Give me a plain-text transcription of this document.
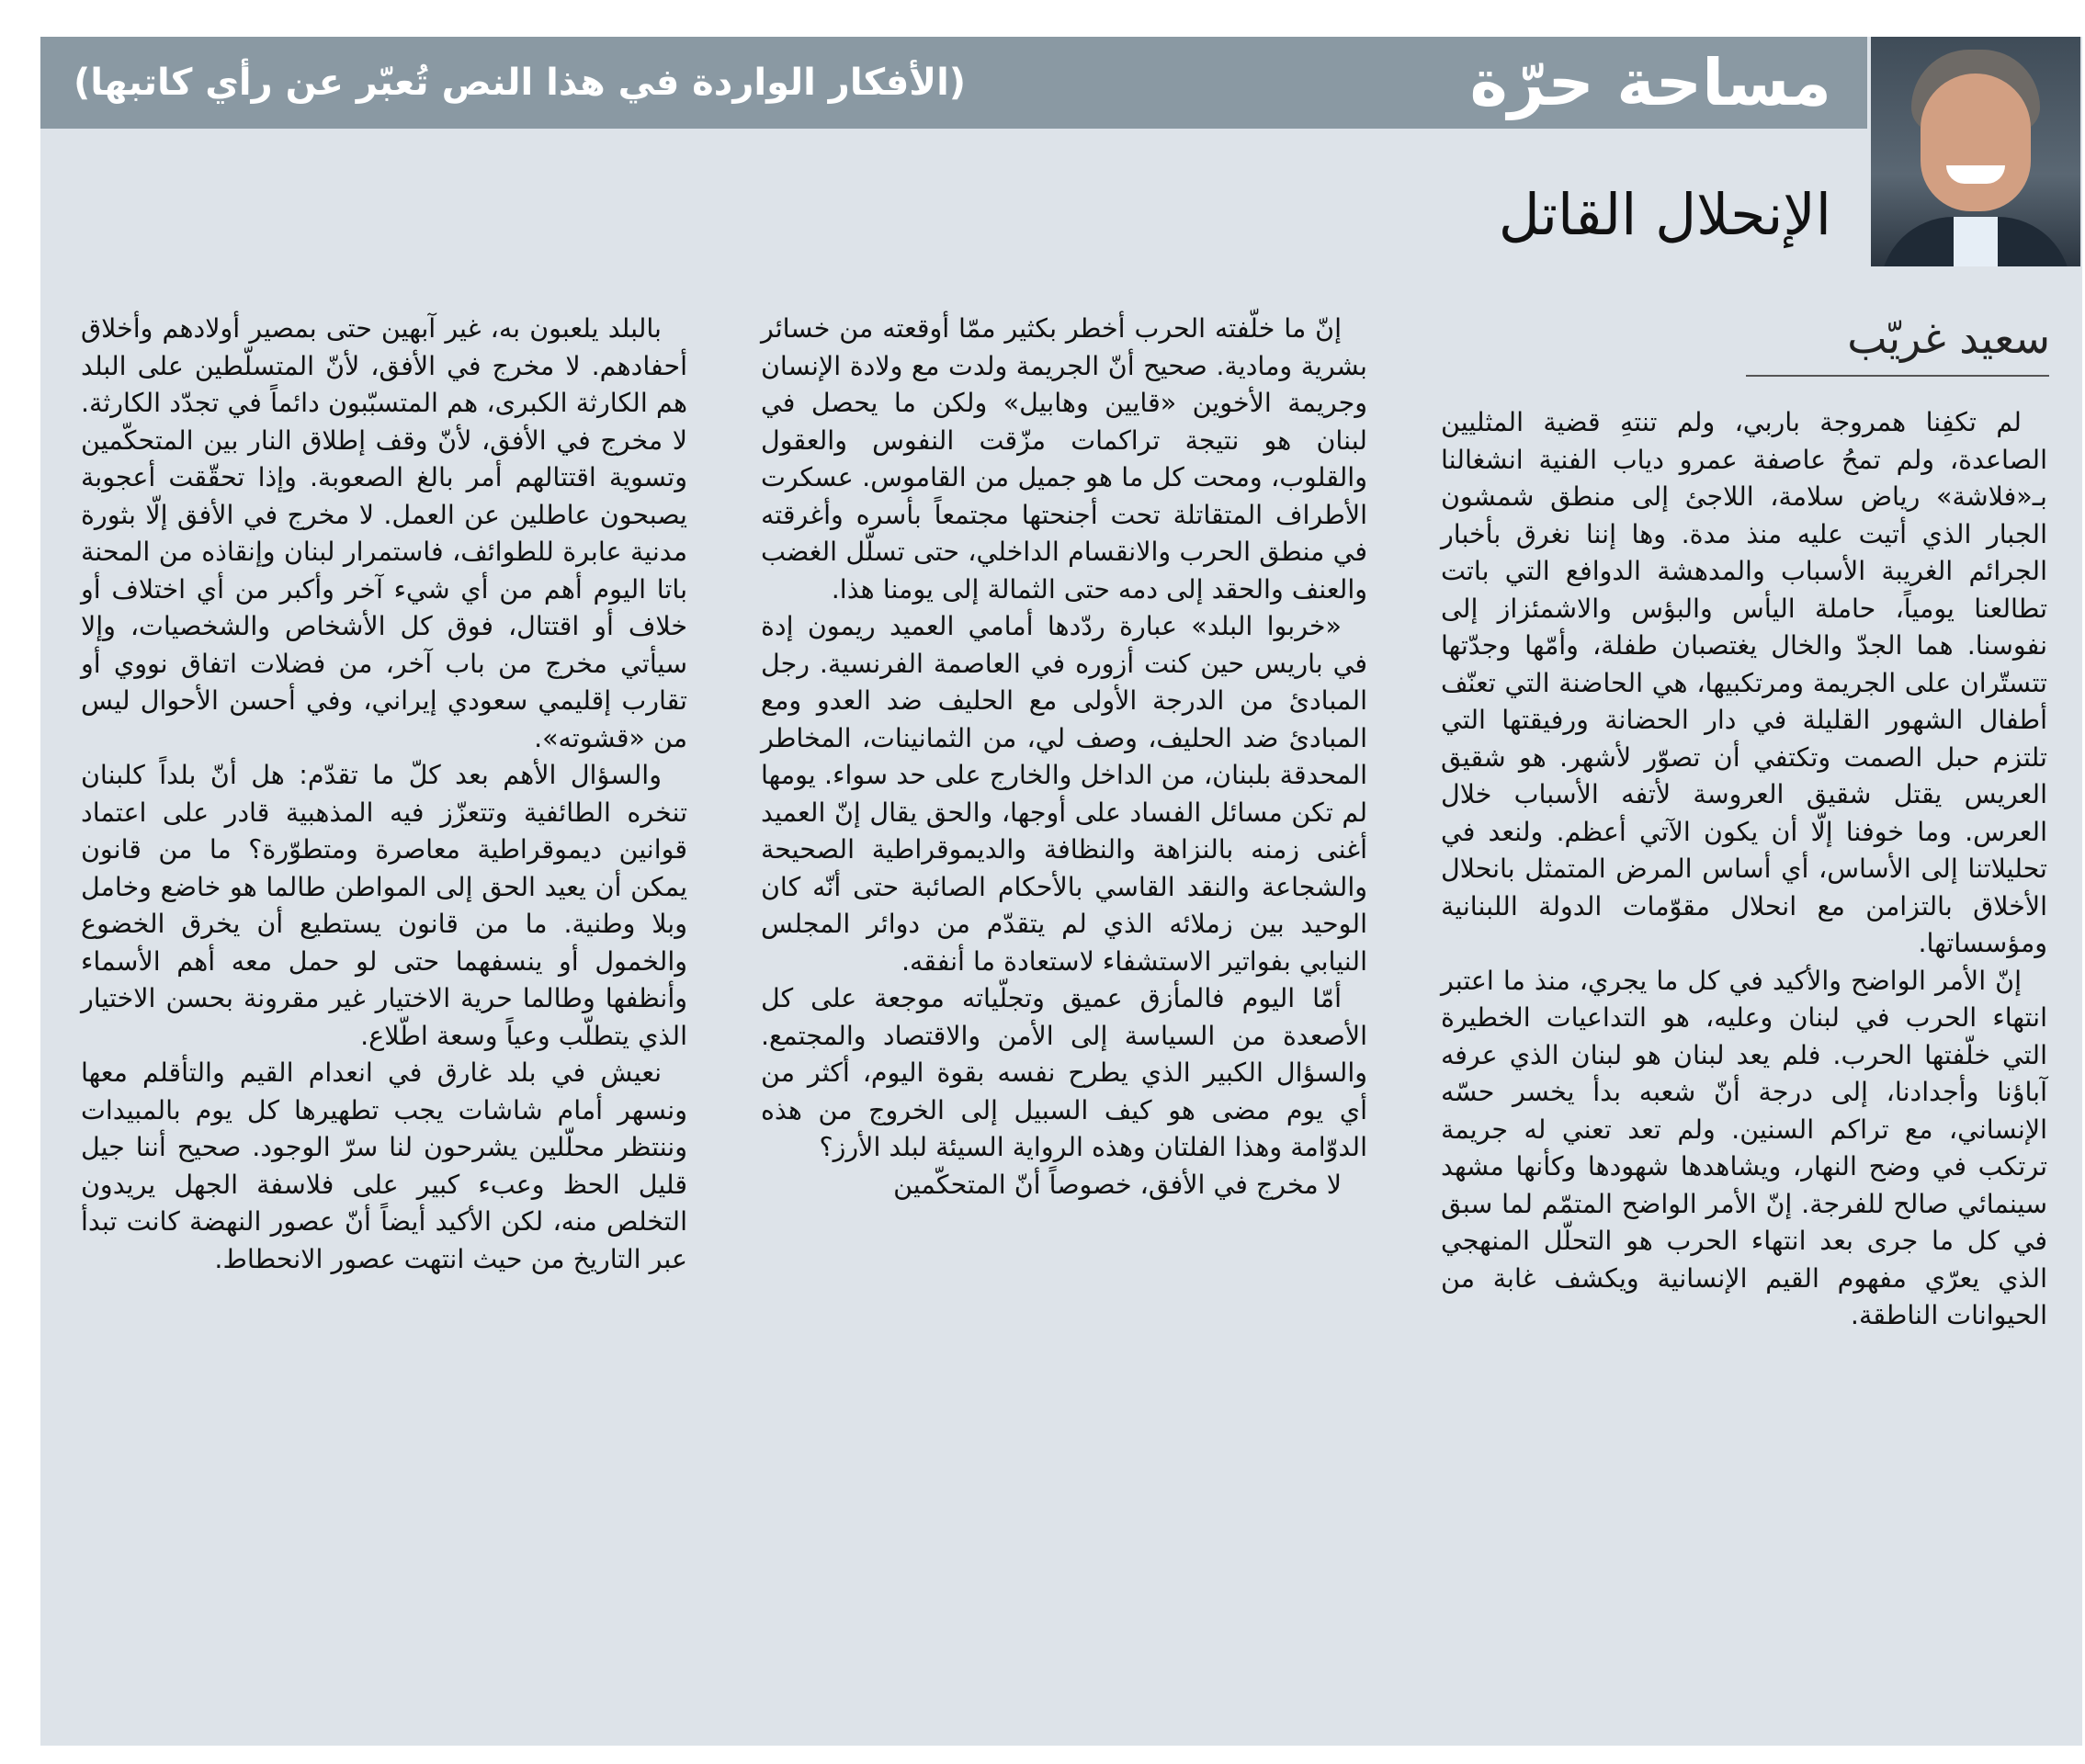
مساحة حرّة
(الأفكار الواردة في هذا النص تُعبّر عن رأي كاتبها)
الإنحلال القاتل
سعيد غريّب

لم تكفِنا همروجة باربي، ولم تنتهِ قضية المثليين الصاعدة، ولم تمحُ عاصفة عمرو دياب الفنية انشغالنا بـ«فلاشة» رياض سلامة، اللاجئ إلى منطق شمشون الجبار الذي أتيت عليه منذ مدة. وها إننا نغرق بأخبار الجرائم الغريبة الأسباب والمدهشة الدوافع التي باتت تطالعنا يومياً، حاملة اليأس والبؤس والاشمئزاز إلى نفوسنا. هما الجدّ والخال يغتصبان طفلة، وأمّها وجدّتها تتستّران على الجريمة ومرتكبيها، هي الحاضنة التي تعنّف أطفال الشهور القليلة في دار الحضانة ورفيقتها التي تلتزم حبل الصمت وتكتفي أن تصوّر لأشهر. هو شقيق العريس يقتل شقيق العروسة لأتفه الأسباب خلال العرس. وما خوفنا إلّا أن يكون الآتي أعظم. ولنعد في تحليلاتنا إلى الأساس، أي أساس المرض المتمثل بانحلال الأخلاق بالتزامن مع انحلال مقوّمات الدولة اللبنانية ومؤسساتها.

إنّ الأمر الواضح والأكيد في كل ما يجري، منذ ما اعتبر انتهاء الحرب في لبنان وعليه، هو التداعيات الخطيرة التي خلّفتها الحرب. فلم يعد لبنان هو لبنان الذي عرفه آباؤنا وأجدادنا، إلى درجة أنّ شعبه بدأ يخسر حسّه الإنساني، مع تراكم السنين. ولم تعد تعني له جريمة ترتكب في وضح النهار، ويشاهدها شهودها وكأنها مشهد سينمائي صالح للفرجة. إنّ الأمر الواضح المتمّم لما سبق في كل ما جرى بعد انتهاء الحرب هو التحلّل المنهجي الذي يعرّي مفهوم القيم الإنسانية ويكشف غابة من الحيوانات الناطقة.

إنّ ما خلّفته الحرب أخطر بكثير ممّا أوقعته من خسائر بشرية ومادية. صحيح أنّ الجريمة ولدت مع ولادة الإنسان وجريمة الأخوين «قايين وهابيل» ولكن ما يحصل في لبنان هو نتيجة تراكمات مزّقت النفوس والعقول والقلوب، ومحت كل ما هو جميل من القاموس. عسكرت الأطراف المتقاتلة تحت أجنحتها مجتمعاً بأسره وأغرقته في منطق الحرب والانقسام الداخلي، حتى تسلّل الغضب والعنف والحقد إلى دمه حتى الثمالة إلى يومنا هذا.

«خربوا البلد» عبارة ردّدها أمامي العميد ريمون إدة في باريس حين كنت أزوره في العاصمة الفرنسية. رجل المبادئ من الدرجة الأولى مع الحليف ضد العدو ومع المبادئ ضد الحليف، وصف لي، من الثمانينات، المخاطر المحدقة بلبنان، من الداخل والخارج على حد سواء. يومها لم تكن مسائل الفساد على أوجها، والحق يقال إنّ العميد أغنى زمنه بالنزاهة والنظافة والديموقراطية الصحيحة والشجاعة والنقد القاسي بالأحكام الصائبة حتى أنّه كان الوحيد بين زملائه الذي لم يتقدّم من دوائر المجلس النيابي بفواتير الاستشفاء لاستعادة ما أنفقه.

أمّا اليوم فالمأزق عميق وتجلّياته موجعة على كل الأصعدة من السياسة إلى الأمن والاقتصاد والمجتمع. والسؤال الكبير الذي يطرح نفسه بقوة اليوم، أكثر من أي يوم مضى هو كيف السبيل إلى الخروج من هذه الدوّامة وهذا الفلتان وهذه الرواية السيئة لبلد الأرز؟

لا مخرج في الأفق، خصوصاً أنّ المتحكّمين

بالبلد يلعبون به، غير آبهين حتى بمصير أولادهم وأخلاق أحفادهم. لا مخرج في الأفق، لأنّ المتسلّطين على البلد هم الكارثة الكبرى، هم المتسبّبون دائماً في تجدّد الكارثة. لا مخرج في الأفق، لأنّ وقف إطلاق النار بين المتحكّمين وتسوية اقتتالهم أمر بالغ الصعوبة. وإذا تحقّقت أعجوبة يصبحون عاطلين عن العمل. لا مخرج في الأفق إلّا بثورة مدنية عابرة للطوائف، فاستمرار لبنان وإنقاذه من المحنة باتا اليوم أهم من أي شيء آخر وأكبر من أي اختلاف أو خلاف أو اقتتال، فوق كل الأشخاص والشخصيات، وإلا سيأتي مخرج من باب آخر، من فضلات اتفاق نووي أو تقارب إقليمي سعودي إيراني، وفي أحسن الأحوال ليس من «قشوته».

والسؤال الأهم بعد كلّ ما تقدّم: هل أنّ بلداً كلبنان تنخره الطائفية وتتعزّز فيه المذهبية قادر على اعتماد قوانين ديموقراطية معاصرة ومتطوّرة؟ ما من قانون يمكن أن يعيد الحق إلى المواطن طالما هو خاضع وخامل وبلا وطنية. ما من قانون يستطيع أن يخرق الخضوع والخمول أو ينسفهما حتى لو حمل معه أهم الأسماء وأنظفها وطالما حرية الاختيار غير مقرونة بحسن الاختيار الذي يتطلّب وعياً وسعة اطّلاع.

نعيش في بلد غارق في انعدام القيم والتأقلم معها ونسهر أمام شاشات يجب تطهيرها كل يوم بالمبيدات وننتظر محلّلين يشرحون لنا سرّ الوجود. صحيح أننا جيل قليل الحظ وعبء كبير على فلاسفة الجهل يريدون التخلص منه، لكن الأكيد أيضاً أنّ عصور النهضة كانت تبدأ عبر التاريخ من حيث انتهت عصور الانحطاط.
